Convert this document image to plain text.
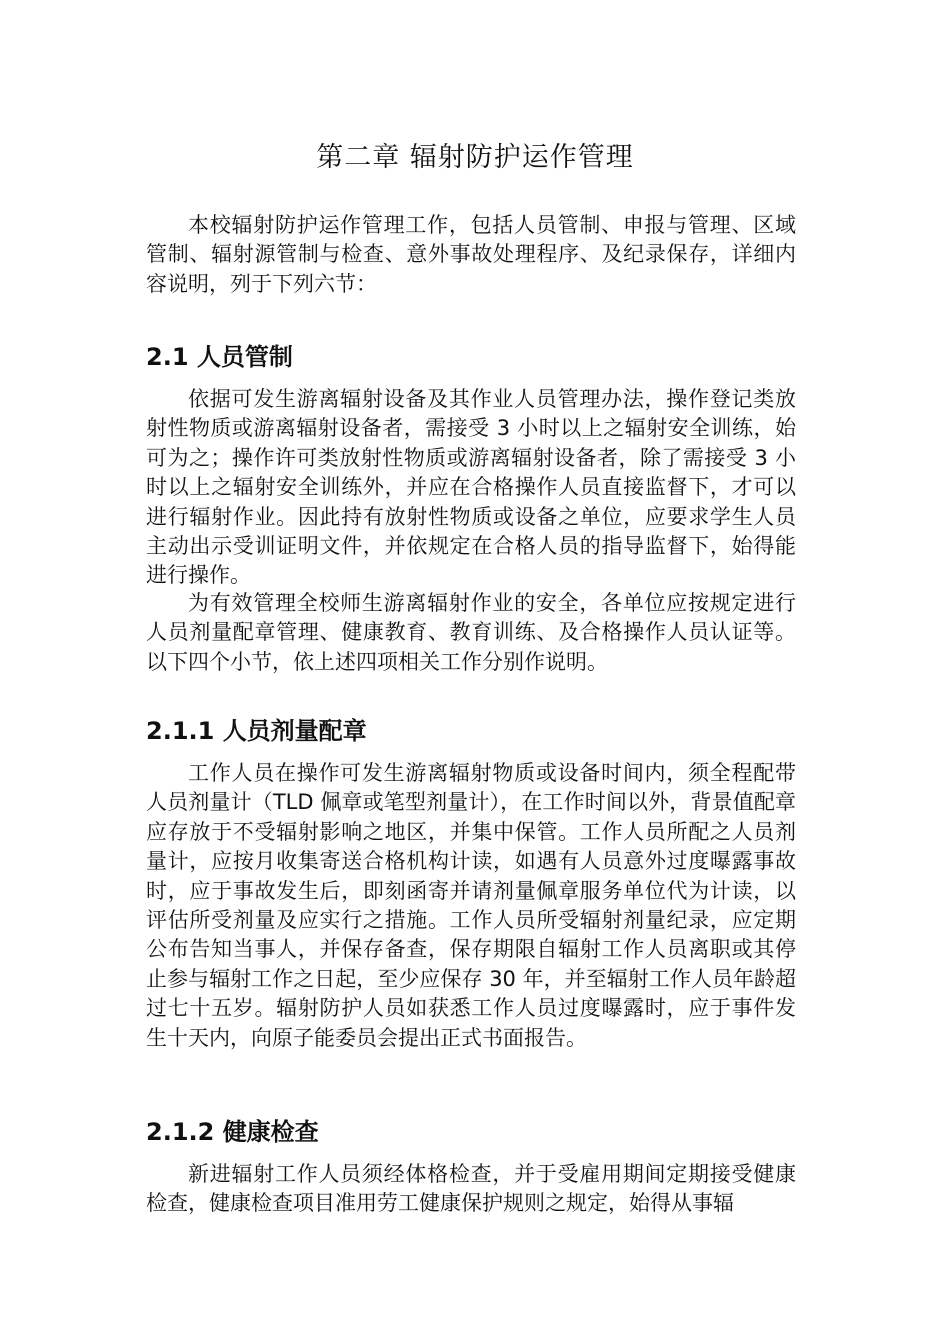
第二章 辐射防护运作管理

本校辐射防护运作管理工作，包括人员管制、申报与管理、区域管制、辐射源管制与检查、意外事故处理程序、及纪录保存，详细内容说明，列于下列六节：

2.1 人员管制

依据可发生游离辐射设备及其作业人员管理办法，操作登记类放射性物质或游离辐射设备者，需接受 3 小时以上之辐射安全训练，始可为之；操作许可类放射性物质或游离辐射设备者，除了需接受 3 小时以上之辐射安全训练外，并应在合格操作人员直接监督下，才可以进行辐射作业。因此持有放射性物质或设备之单位，应要求学生人员主动出示受训证明文件，并依规定在合格人员的指导监督下，始得能进行操作。

为有效管理全校师生游离辐射作业的安全，各单位应按规定进行人员剂量配章管理、健康教育、教育训练、及合格操作人员认证等。以下四个小节，依上述四项相关工作分别作说明。

2.1.1 人员剂量配章

工作人员在操作可发生游离辐射物质或设备时间内，须全程配带人员剂量计（TLD 佩章或笔型剂量计），在工作时间以外，背景值配章应存放于不受辐射影响之地区，并集中保管。工作人员所配之人员剂量计，应按月收集寄送合格机构计读，如遇有人员意外过度曝露事故时，应于事故发生后，即刻函寄并请剂量佩章服务单位代为计读，以评估所受剂量及应实行之措施。工作人员所受辐射剂量纪录，应定期公布告知当事人，并保存备查，保存期限自辐射工作人员离职或其停止参与辐射工作之日起，至少应保存 30 年，并至辐射工作人员年龄超过七十五岁。辐射防护人员如获悉工作人员过度曝露时，应于事件发生十天内，向原子能委员会提出正式书面报告。

2.1.2 健康检查

新进辐射工作人员须经体格检查，并于受雇用期间定期接受健康检查，健康检查项目准用劳工健康保护规则之规定，始得从事辐
